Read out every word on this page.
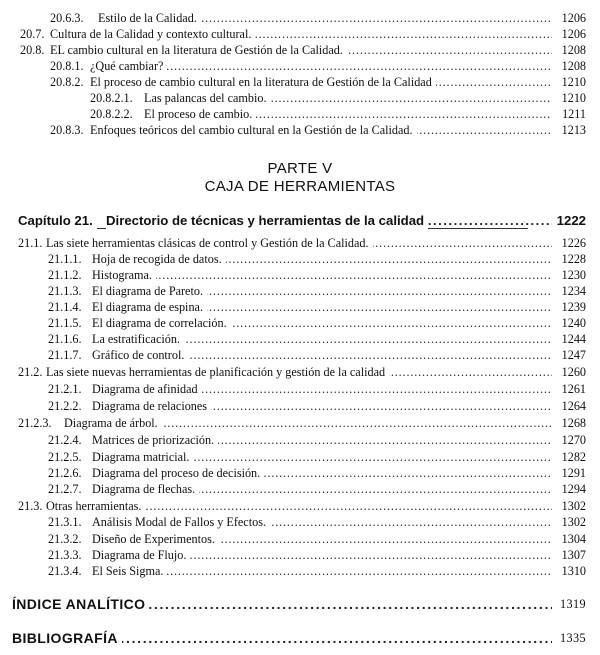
20.6.3.	Estilo de la Calidad. . . .	1206
20.7. Cultura de la Calidad y contexto cultural. . . .	1206
20.8. EL cambio cultural en la literatura de Gestión de la Calidad. . . .	1208
20.8.1. ¿Qué cambiar? . . .	1208
20.8.2. El proceso de cambio cultural en la literatura de Gestión de la Calidad . . .	1210
20.8.2.1. Las palancas del cambio. . . .	1210
20.8.2.2. El proceso de cambio. . . .	1211
20.8.3. Enfoques teóricos del cambio cultural en la Gestión de la Calidad. . . .	1213
PARTE V
CAJA DE HERRAMIENTAS
Capítulo 21.	Directorio de técnicas y herramientas de la calidad . . .	1222
21.1. Las siete herramientas clásicas de control y Gestión de la Calidad. . . .	1226
21.1.1. Hoja de recogida de datos. . . .	1228
21.1.2. Histograma. . . .	1230
21.1.3. El diagrama de Pareto. . . .	1234
21.1.4. El diagrama de espina. . . .	1239
21.1.5. El diagrama de correlación. . . .	1240
21.1.6. La estratificación. . . .	1244
21.1.7. Gráfico de control. . . .	1247
21.2. Las siete nuevas herramientas de planificación y gestión de la calidad . . .	1260
21.2.1. Diagrama de afinidad . . .	1261
21.2.2. Diagrama de relaciones . . .	1264
21.2.3.	Diagrama de árbol. . . .	1268
21.2.4. Matrices de priorización. . . .	1270
21.2.5. Diagrama matricial. . . .	1282
21.2.6. Diagrama del proceso de decisión. . . .	1291
21.2.7. Diagrama de flechas. . . .	1294
21.3. Otras herramientas. . . .	1302
21.3.1. Análisis Modal de Fallos y Efectos. . . .	1302
21.3.2. Diseño de Experimentos. . . .	1304
21.3.3. Diagrama de Flujo. . . .	1307
21.3.4. El Seis Sigma. . . .	1310
ÍNDICE ANALÍTICO . . .	1319
BIBLIOGRAFÍA . . .	1335
